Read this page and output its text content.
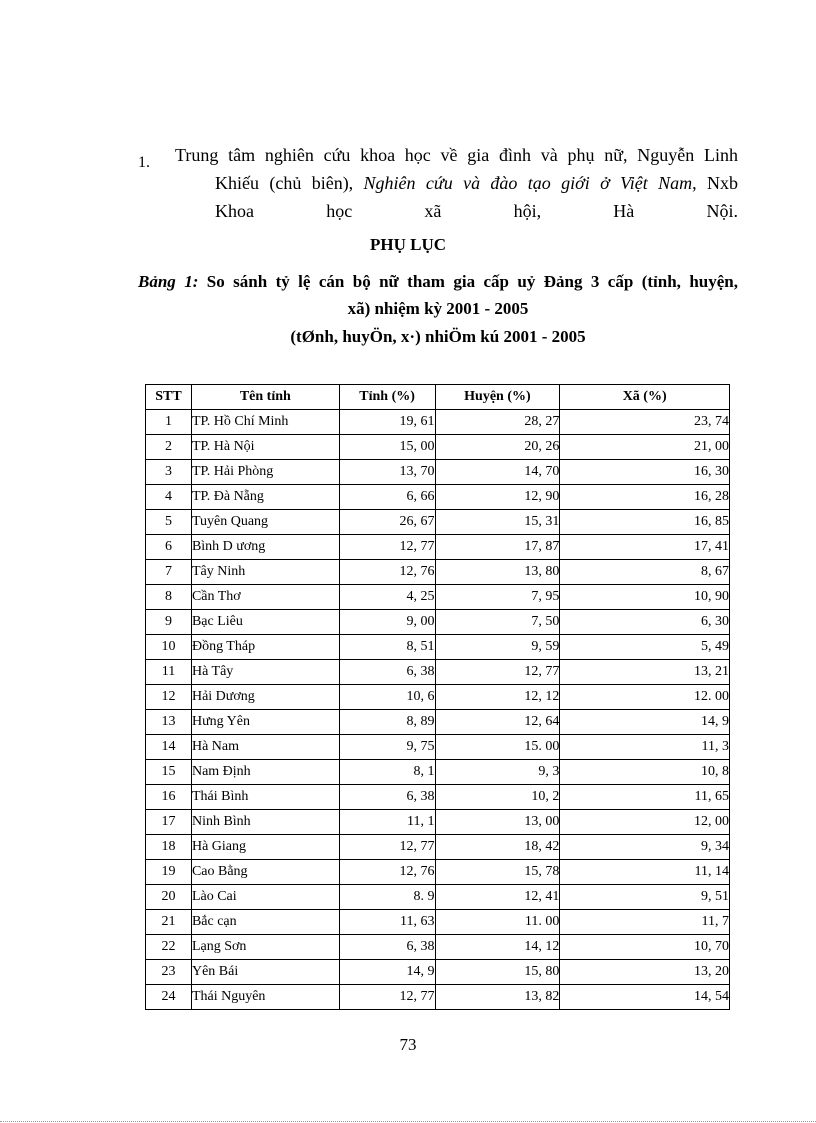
1. Trung tâm nghiên cứu khoa học về gia đình và phụ nữ, Nguyễn Linh
Khiếu (chủ biên), Nghiên cứu và đào tạo giới ở Việt Nam, Nxb
Khoa	học	xã	hội,	Hà	Nội.
PHỤ LỤC
Bảng 1: So sánh tỷ lệ cán bộ nữ tham gia cấp uỷ Đảng 3 cấp (tỉnh, huyện,
xã) nhiệm kỳ 2001 - 2005
(tØnh, huyÖn, x·) nhiÖm kú 2001 - 2005
STT	Tên tỉnh	Tỉnh (%)	Huyện (%)	Xã (%)
1	TP. Hồ Chí Minh	19, 61	28, 27	23, 74
2	TP. Hà Nội	15, 00	20, 26	21, 00
3	TP. Hải Phòng	13, 70	14, 70	16, 30
4	TP. Đà Nẵng	6, 66	12, 90	16, 28
5	Tuyên Quang	26, 67	15, 31	16, 85
6	Bình D ương	12, 77	17, 87	17, 41
7	Tây Ninh	12, 76	13, 80	8, 67
8	Cần Thơ	4, 25	7, 95	10, 90
9	Bạc Liêu	9, 00	7, 50	6, 30
10	Đồng Tháp	8, 51	9, 59	5, 49
11	Hà Tây	6, 38	12, 77	13, 21
12	Hải Dương	10, 6	12, 12	12. 00
13	Hưng Yên	8, 89	12, 64	14, 9
14	Hà Nam	9, 75	15. 00	11, 3
15	Nam Định	8, 1	9, 3	10, 8
16	Thái Bình	6, 38	10, 2	11, 65
17	Ninh Bình	11, 1	13, 00	12, 00
18	Hà Giang	12, 77	18, 42	9, 34
19	Cao Bằng	12, 76	15, 78	11, 14
20	Lào Cai	8. 9	12, 41	9, 51
21	Bắc cạn	11, 63	11. 00	11, 7
22	Lạng Sơn	6, 38	14, 12	10, 70
23	Yên Bái	14, 9	15, 80	13, 20
24	Thái Nguyên	12, 77	13, 82	14, 54
73
